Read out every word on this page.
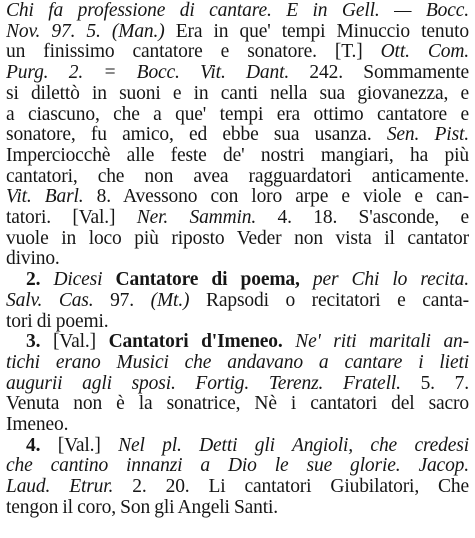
Chi fa professione di cantare. E in Gell. — Bocc.
Nov. 97. 5. (Man.) Era in que' tempi Minuccio tenuto
un finissimo cantatore e sonatore. [T.] Ott. Com.
Purg. 2. = Bocc. Vit. Dant. 242. Sommamente
si dilettò in suoni e in canti nella sua giovanezza, e
a ciascuno, che a que' tempi era ottimo cantatore e
sonatore, fu amico, ed ebbe sua usanza. Sen. Pist.
Imperciocchè alle feste de' nostri mangiari, ha più
cantatori, che non avea ragguardatori anticamente.
Vit. Barl. 8. Avessono con loro arpe e viole e can-
tatori. [Val.] Ner. Sammin. 4. 18. S'asconde, e
vuole in loco più riposto Veder non vista il cantator
divino.
2. Dicesi Cantatore di poema, per Chi lo recita.
Salv. Cas. 97. (Mt.) Rapsodi o recitatori e canta-
tori di poemi.
3. [Val.] Cantatori d'Imeneo. Ne' riti maritali an-
tichi erano Musici che andavano a cantare i lieti
augurii agli sposi. Fortig. Terenz. Fratell. 5. 7.
Venuta non è la sonatrice, Nè i cantatori del sacro
Imeneo.
4. [Val.] Nel pl. Detti gli Angioli, che credesi
che cantino innanzi a Dio le sue glorie. Jacop.
Laud. Etrur. 2. 20. Li cantatori Giubilatori, Che
tengon il coro, Son gli Angeli Santi.
